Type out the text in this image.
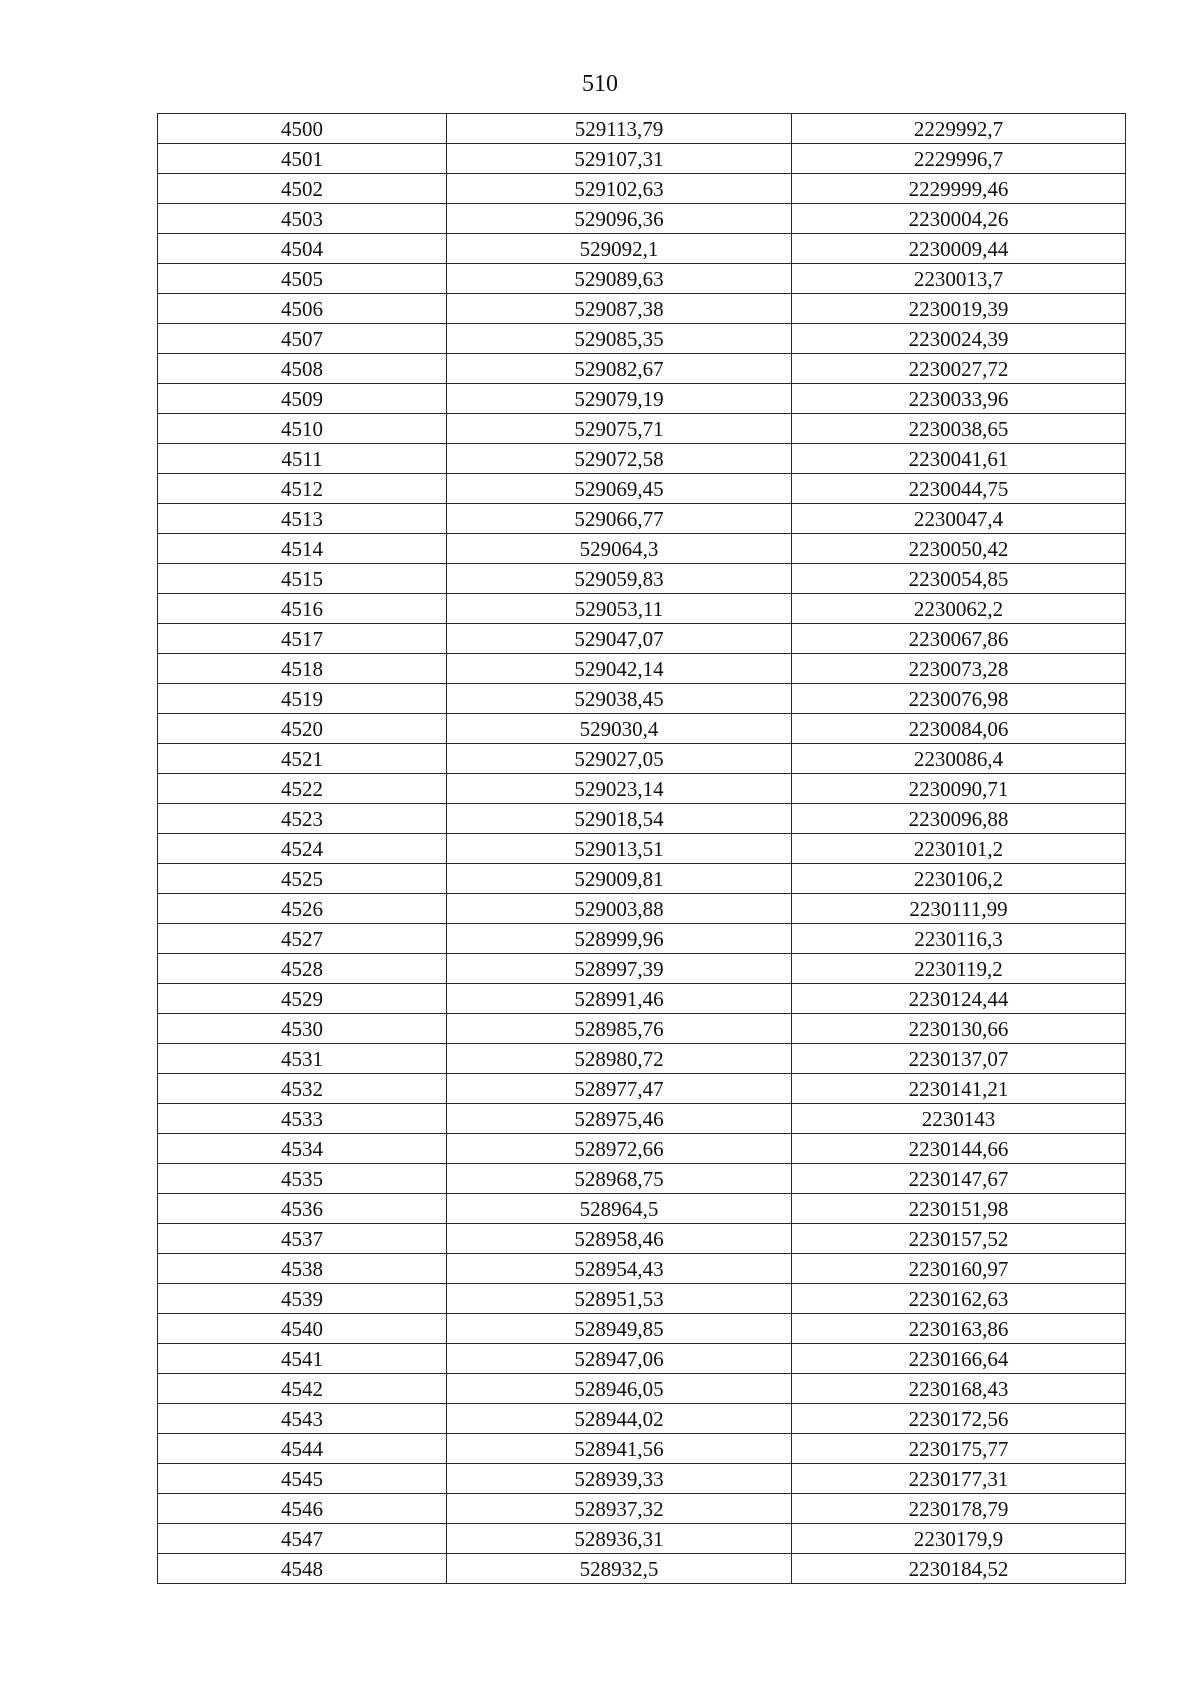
510
4500	529113,79	2229992,7
4501	529107,31	2229996,7
4502	529102,63	2229999,46
4503	529096,36	2230004,26
4504	529092,1	2230009,44
4505	529089,63	2230013,7
4506	529087,38	2230019,39
4507	529085,35	2230024,39
4508	529082,67	2230027,72
4509	529079,19	2230033,96
4510	529075,71	2230038,65
4511	529072,58	2230041,61
4512	529069,45	2230044,75
4513	529066,77	2230047,4
4514	529064,3	2230050,42
4515	529059,83	2230054,85
4516	529053,11	2230062,2
4517	529047,07	2230067,86
4518	529042,14	2230073,28
4519	529038,45	2230076,98
4520	529030,4	2230084,06
4521	529027,05	2230086,4
4522	529023,14	2230090,71
4523	529018,54	2230096,88
4524	529013,51	2230101,2
4525	529009,81	2230106,2
4526	529003,88	2230111,99
4527	528999,96	2230116,3
4528	528997,39	2230119,2
4529	528991,46	2230124,44
4530	528985,76	2230130,66
4531	528980,72	2230137,07
4532	528977,47	2230141,21
4533	528975,46	2230143
4534	528972,66	2230144,66
4535	528968,75	2230147,67
4536	528964,5	2230151,98
4537	528958,46	2230157,52
4538	528954,43	2230160,97
4539	528951,53	2230162,63
4540	528949,85	2230163,86
4541	528947,06	2230166,64
4542	528946,05	2230168,43
4543	528944,02	2230172,56
4544	528941,56	2230175,77
4545	528939,33	2230177,31
4546	528937,32	2230178,79
4547	528936,31	2230179,9
4548	528932,5	2230184,52
